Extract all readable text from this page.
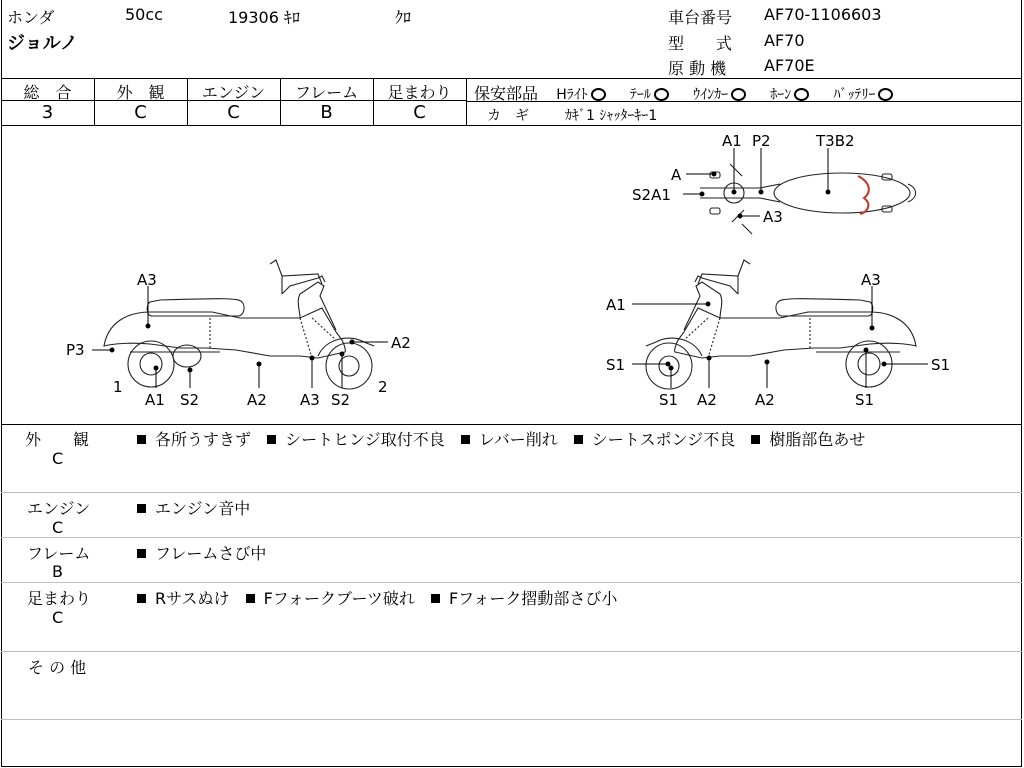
ホンダ	50cc	19306 ｷﾛ	ｸﾛ
ジョルノ
車台番号 AF70-1106603
型　　式 AF70
原 動 機 AF70E
総　合	外　観	エンジン	フレーム	足まわり
3	C	C	B	C
保安部品 Hﾗｲﾄ	ﾃｰﾙ	ｳｲﾝｶｰ	ﾎｰﾝ	ﾊﾞｯﾃﾘｰ
カ　ギ	ｶｷﾞ1 ｼｬｯﾀｰｷｰ1
A3
P3
1
A1 S2	A2 A3 S2
A2
2
A1
A3
S1
S1 A2	A2
S1
S1
A1 P2	T3B2
A
S2A1
A3
外　　観
C
各所うすきず シートヒンジ取付不良 レバー削れ シートスポンジ不良 樹脂部色あせ
エンジン
C
エンジン音中
フレーム
B
フレームさび中
足まわり
C
Rサスぬけ Fフォークブーツ破れ Fフォーク摺動部さび小
そ の 他
